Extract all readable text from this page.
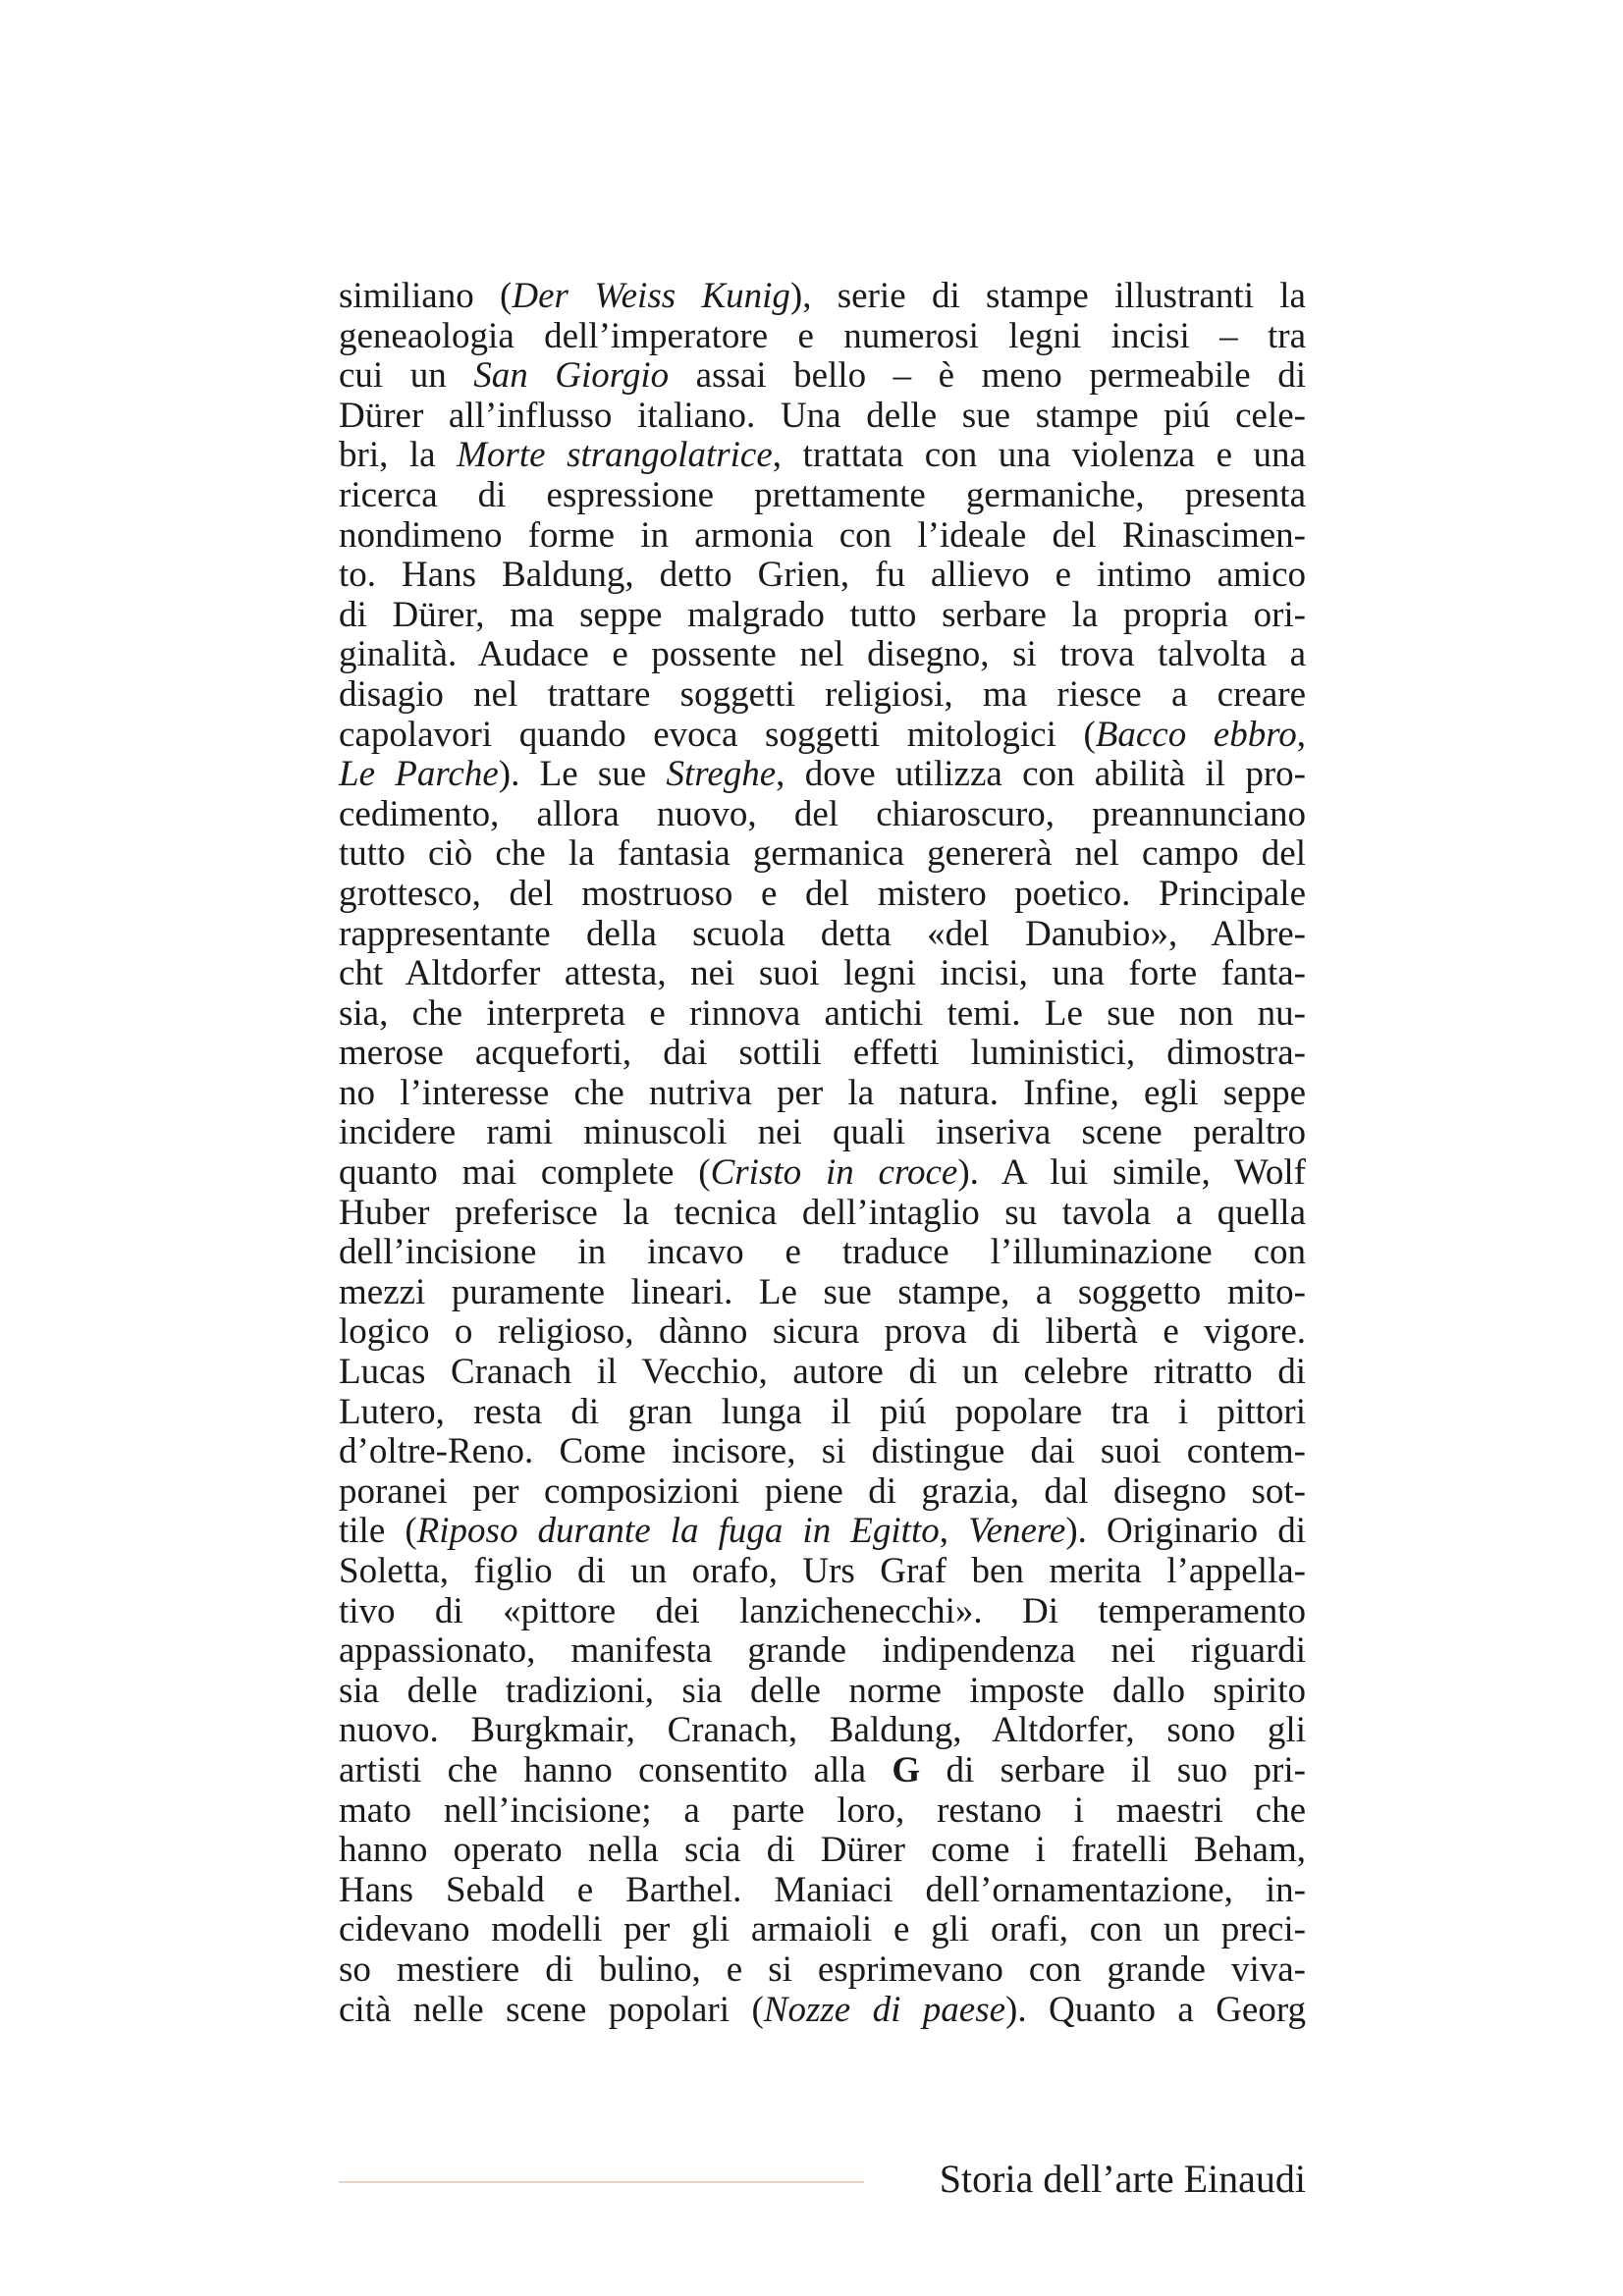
similiano (Der Weiss Kunig), serie di stampe illustranti la
geneaologia dell’imperatore e numerosi legni incisi – tra
cui un San Giorgio assai bello – è meno permeabile di
Dürer all’influsso italiano. Una delle sue stampe piú cele-
bri, la Morte strangolatrice, trattata con una violenza e una
ricerca di espressione prettamente germaniche, presenta
nondimeno forme in armonia con l’ideale del Rinascimen-
to. Hans Baldung, detto Grien, fu allievo e intimo amico
di Dürer, ma seppe malgrado tutto serbare la propria ori-
ginalità. Audace e possente nel disegno, si trova talvolta a
disagio nel trattare soggetti religiosi, ma riesce a creare
capolavori quando evoca soggetti mitologici (Bacco ebbro,
Le Parche). Le sue Streghe, dove utilizza con abilità il pro-
cedimento, allora nuovo, del chiaroscuro, preannunciano
tutto ciò che la fantasia germanica genererà nel campo del
grottesco, del mostruoso e del mistero poetico. Principale
rappresentante della scuola detta «del Danubio», Albre-
cht Altdorfer attesta, nei suoi legni incisi, una forte fanta-
sia, che interpreta e rinnova antichi temi. Le sue non nu-
merose acqueforti, dai sottili effetti luministici, dimostra-
no l’interesse che nutriva per la natura. Infine, egli seppe
incidere rami minuscoli nei quali inseriva scene peraltro
quanto mai complete (Cristo in croce). A lui simile, Wolf
Huber preferisce la tecnica dell’intaglio su tavola a quella
dell’incisione in incavo e traduce l’illuminazione con
mezzi puramente lineari. Le sue stampe, a soggetto mito-
logico o religioso, dànno sicura prova di libertà e vigore.
Lucas Cranach il Vecchio, autore di un celebre ritratto di
Lutero, resta di gran lunga il piú popolare tra i pittori
d’oltre-Reno. Come incisore, si distingue dai suoi contem-
poranei per composizioni piene di grazia, dal disegno sot-
tile (Riposo durante la fuga in Egitto, Venere). Originario di
Soletta, figlio di un orafo, Urs Graf ben merita l’appella-
tivo di «pittore dei lanzichenecchi». Di temperamento
appassionato, manifesta grande indipendenza nei riguardi
sia delle tradizioni, sia delle norme imposte dallo spirito
nuovo. Burgkmair, Cranach, Baldung, Altdorfer, sono gli
artisti che hanno consentito alla G di serbare il suo pri-
mato nell’incisione; a parte loro, restano i maestri che
hanno operato nella scia di Dürer come i fratelli Beham,
Hans Sebald e Barthel. Maniaci dell’ornamentazione, in-
cidevano modelli per gli armaioli e gli orafi, con un preci-
so mestiere di bulino, e si esprimevano con grande viva-
cità nelle scene popolari (Nozze di paese). Quanto a Georg
Storia dell’arte Einaudi
